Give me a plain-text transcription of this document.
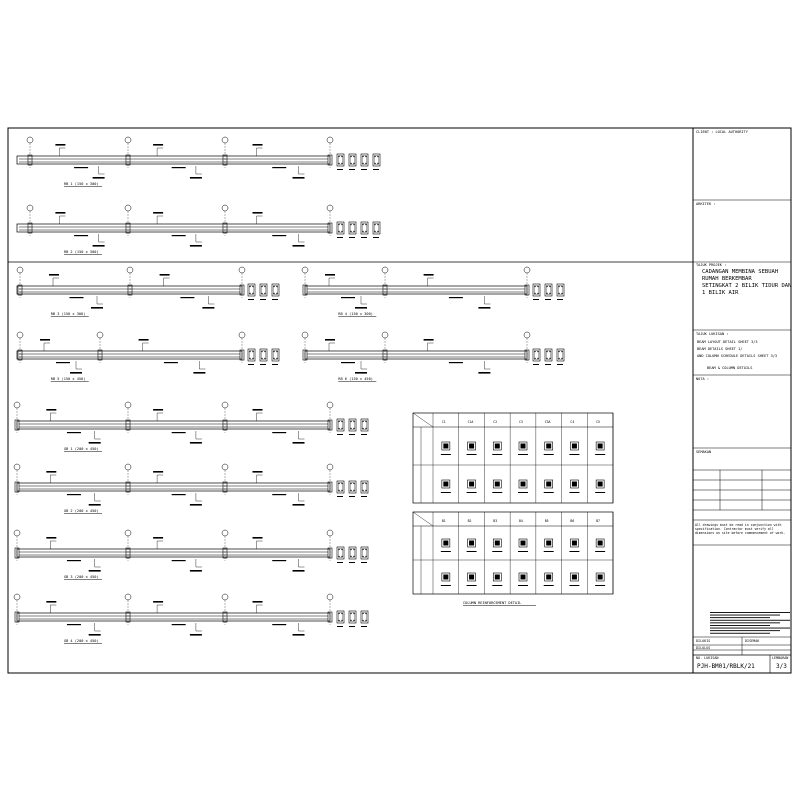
RB 1 (150 x 300)
RB 2 (150 x 300)
RB 3 (150 x 300)	RB 4 (150 x 300)
RB 5 (150 x 450)	RB 6 (150 x 450)
GB 1 (200 x 450)
GB 2 (200 x 450)
GB 3 (200 x 450)
GB 4 (200 x 450)
C1	C1A	C2	C3	C3A	C4	C5
B1	B2	B3	B4	B5	B6	B7
COLUMN REINFORCEMENT DETAIL
CLIENT : LOCAL AUTHORITY
ARKITEK :
TAJUK PROJEK :
CADANGAN MEMBINA SEBUAH
RUMAH BERKEMBAR
SETINGKAT 2 BILIK TIDUR DAN
1 BILIK AIR
TAJUK LUKISAN :
BEAM LAYOUT DETAIL SHEET 3/3
BEAM DETAILS SHEET 1/
AND COLUMN SCHEDULE DETAILS SHEET 3/3
BEAM & COLUMN DETAILS
NOTA :
SEMAKAN
All drawings must be read in conjunction with specification. Contractor must verify all dimensions on site before commencement of work.
DILUKIS	DISEMAK
DILULUS
NO. LUKISAN
PJH-BM01/RBLK/21
LEMBARAN
3/3
